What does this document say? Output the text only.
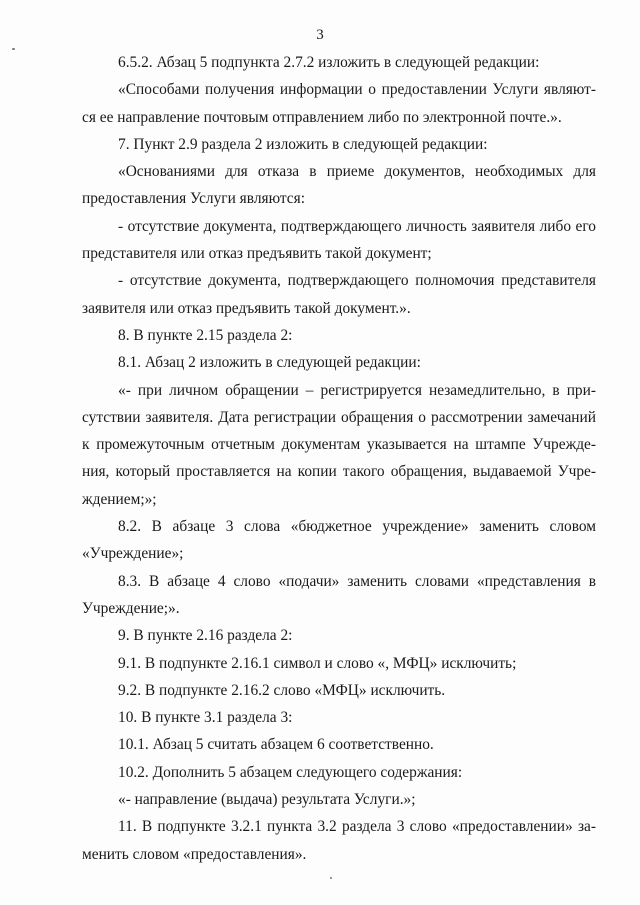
3

6.5.2. Абзац 5 подпункта 2.7.2 изложить в следующей редакции:

«Способами получения информации о предоставлении Услуги являют-ся ее направление почтовым отправлением либо по электронной почте.».

7. Пункт 2.9 раздела 2 изложить в следующей редакции:

«Основаниями для отказа в приеме документов, необходимых для предоставления Услуги являются:

- отсутствие документа, подтверждающего личность заявителя либо его представителя или отказ предъявить такой документ;

- отсутствие документа, подтверждающего полномочия представителя заявителя или отказ предъявить такой документ.».

8. В пункте 2.15 раздела 2:

8.1. Абзац 2 изложить в следующей редакции:

«- при личном обращении – регистрируется незамедлительно, в при-сутствии заявителя. Дата регистрации обращения о рассмотрении замечаний к промежуточным отчетным документам указывается на штампе Учрежде-ния, который проставляется на копии такого обращения, выдаваемой Учре-ждением;»;

8.2. В абзаце 3 слова «бюджетное учреждение» заменить словом «Учреждение»;

8.3. В абзаце 4 слово «подачи» заменить словами «представления в Учреждение;».

9. В пункте 2.16 раздела 2:

9.1. В подпункте 2.16.1 символ и слово «, МФЦ» исключить;

9.2. В подпункте 2.16.2 слово «МФЦ» исключить.

10. В пункте 3.1 раздела 3:

10.1. Абзац 5 считать абзацем 6 соответственно.

10.2. Дополнить 5 абзацем следующего содержания:

«- направление (выдача) результата Услуги.»;

11. В подпункте 3.2.1 пункта 3.2 раздела 3 слово «предоставлении» за-менить словом «предоставления».
